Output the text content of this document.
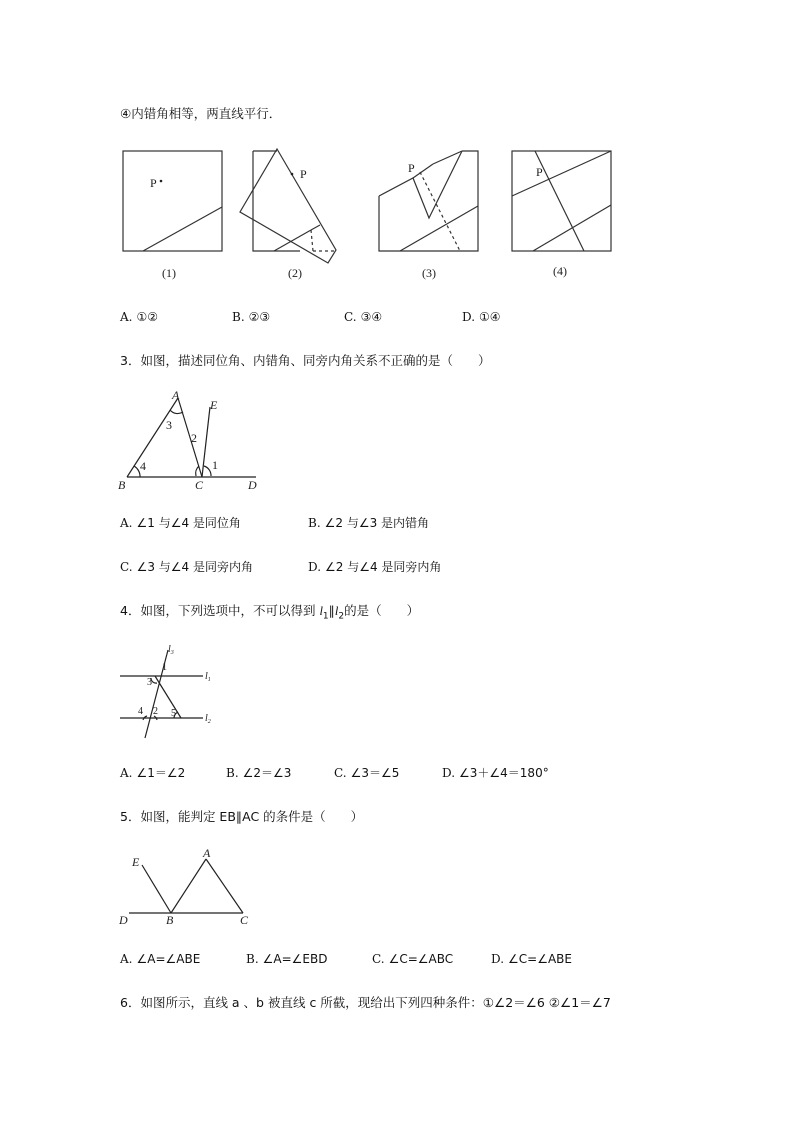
④内错角相等，两直线平行．
P
P	P	P
(1)	(2)	(3)	(4)
A. ①②	B. ②③	C. ③④	D. ①④
3．如图，描述同位角、内错角、同旁内角关系不正确的是（　　）
A
3
E
2
4	1
B	C	D
A. ∠1 与∠4 是同位角	B. ∠2 与∠3 是内错角
C. ∠3 与∠4 是同旁内角	D. ∠2 与∠4 是同旁内角
4．如图，下列选项中，不可以得到 $l_1\parallel l_2$的是（　　）
$l_3$
1
$l_1$
3
4 2 5	$l_2$
A. ∠1＝∠2	B. ∠2＝∠3	C. ∠3＝∠5	D. ∠3＋∠4＝180°
5．如图，能判定 EB∥AC 的条件是（　　）
A
E
D	B	C
A. ∠A=∠ABE	B. ∠A=∠EBD	C. ∠C=∠ABC	D. ∠C=∠ABE
6．如图所示，直线 a 、b 被直线 c 所截，现给出下列四种条件：①∠2＝∠6 ②∠1＝∠7
